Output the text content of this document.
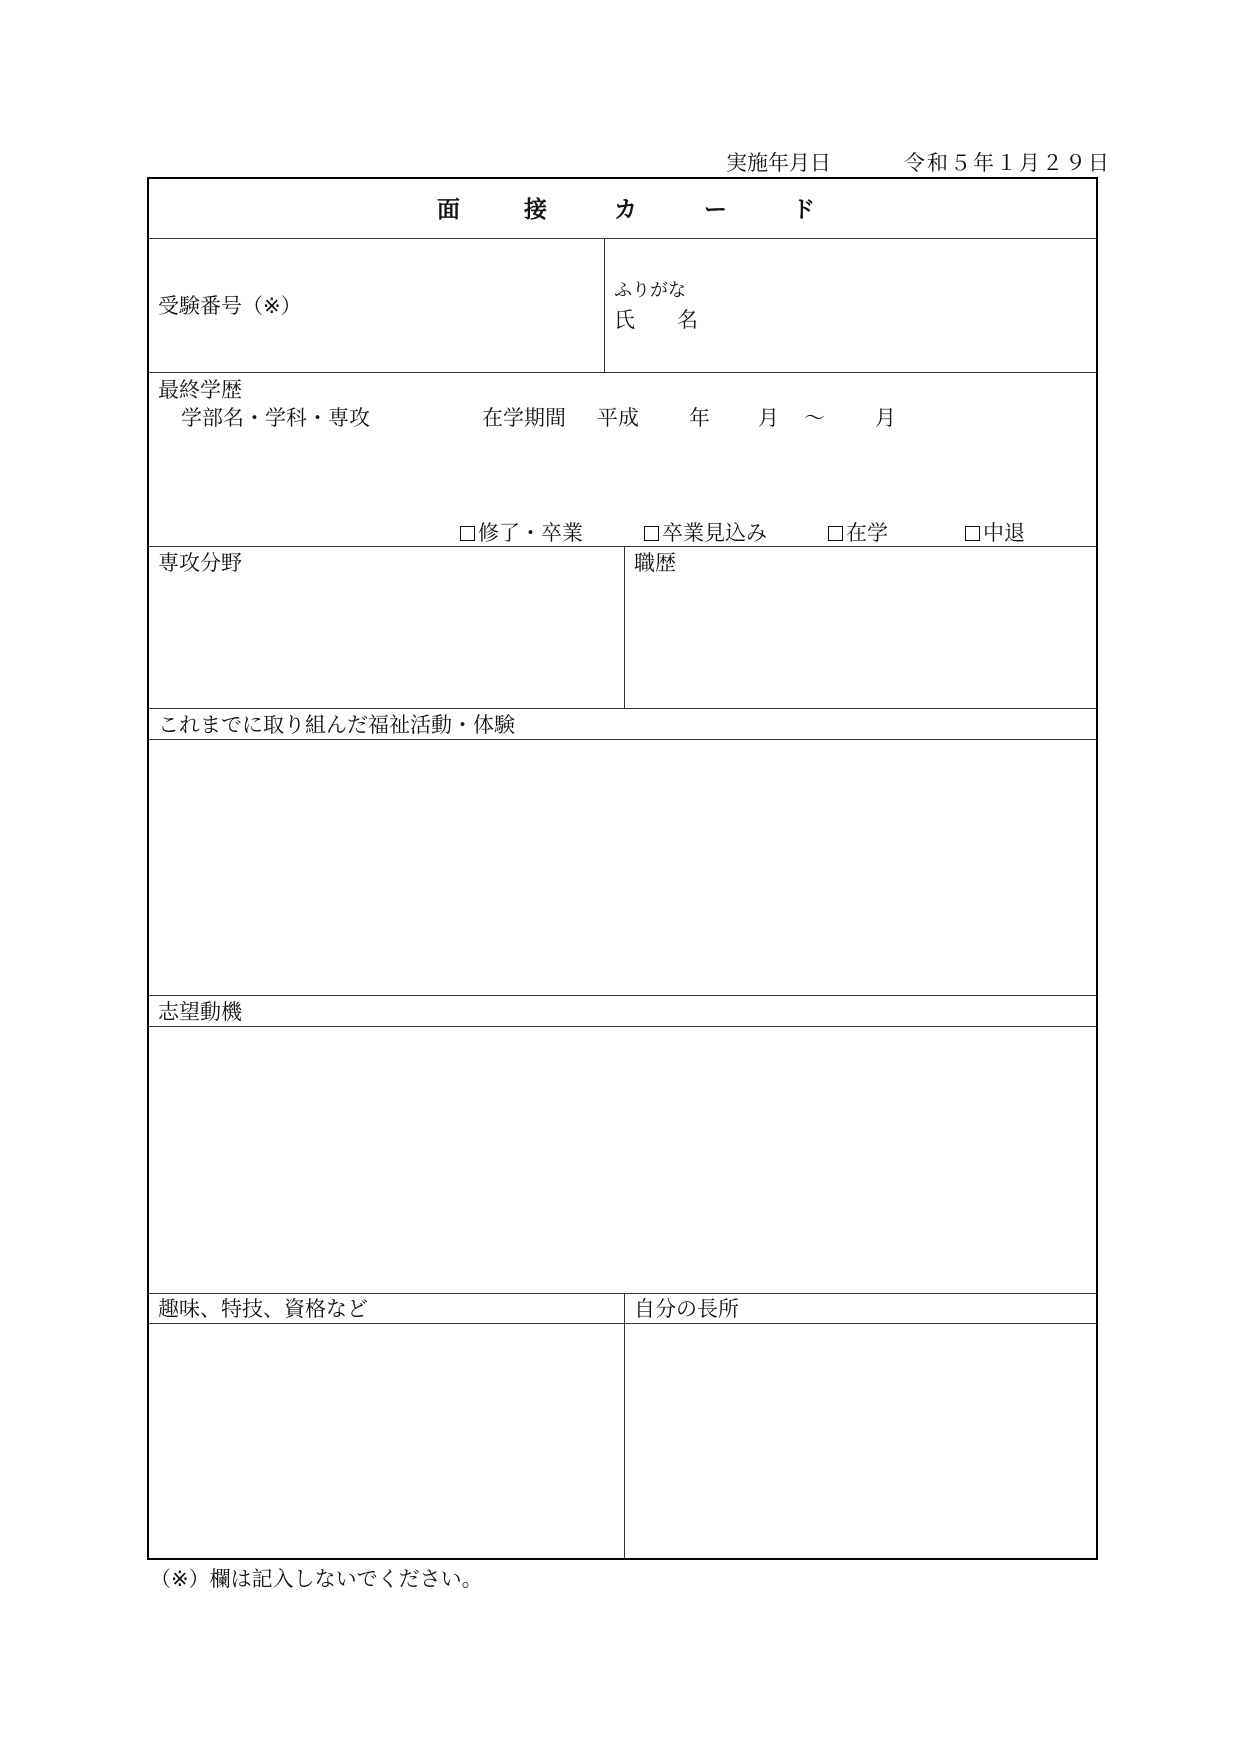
実施年月日	令和５年１月２９日
面	接	カ	ー	ド
受験番号（※）
ふりがな
氏　　名
最終学歴
学部名・学科・専攻	在学期間 平成 年 月 ～ 月
修了・卒業	卒業見込み	在学	中退
専攻分野	職歴
これまでに取り組んだ福祉活動・体験
志望動機
趣味、特技、資格など	自分の長所
（※）欄は記入しないでください。
